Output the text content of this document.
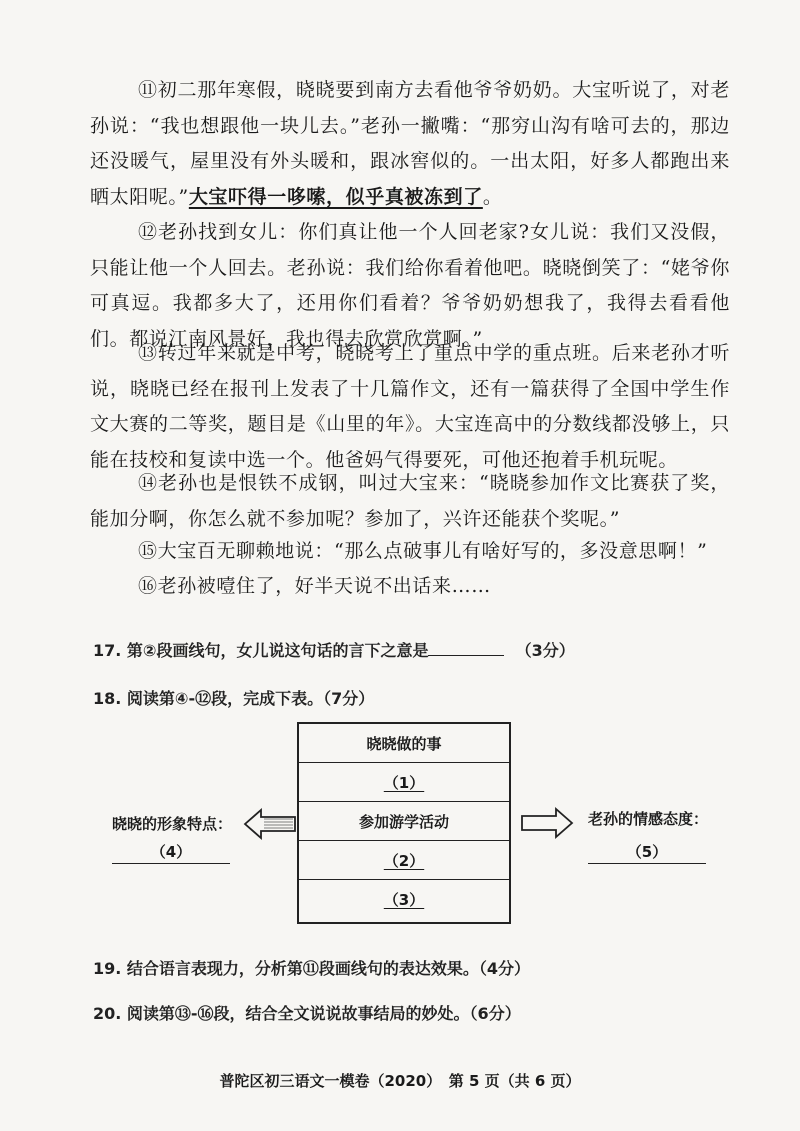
⑪初二那年寒假，晓晓要到南方去看他爷爷奶奶。大宝听说了，对老孙说：“我也想跟他一块儿去。”老孙一撇嘴：“那穷山沟有啥可去的，那边还没暖气，屋里没有外头暖和，跟冰窖似的。一出太阳，好多人都跑出来晒太阳呢。”大宝吓得一哆嗦，似乎真被冻到了。
⑫老孙找到女儿：你们真让他一个人回老家?女儿说：我们又没假，只能让他一个人回去。老孙说：我们给你看着他吧。晓晓倒笑了：“姥爷你可真逗。我都多大了，还用你们看着？爷爷奶奶想我了，我得去看看他们。都说江南风景好，我也得去欣赏欣赏啊。”
⑬转过年来就是中考，晓晓考上了重点中学的重点班。后来老孙才听说，晓晓已经在报刊上发表了十几篇作文，还有一篇获得了全国中学生作文大赛的二等奖，题目是《山里的年》。大宝连高中的分数线都没够上，只能在技校和复读中选一个。他爸妈气得要死，可他还抱着手机玩呢。
⑭老孙也是恨铁不成钢，叫过大宝来：“晓晓参加作文比赛获了奖，能加分啊，你怎么就不参加呢？参加了，兴许还能获个奖呢。”
⑮大宝百无聊赖地说：“那么点破事儿有啥好写的，多没意思啊！”
⑯老孙被噎住了，好半天说不出话来……
17. 第②段画线句，女儿说这句话的言下之意是	（3分）
18. 阅读第④-⑫段，完成下表。（7分）
晓晓做的事
（1）
参加游学活动
（2）
（3）
晓晓的形象特点：
（4）
老孙的情感态度：
（5）
19. 结合语言表现力，分析第⑪段画线句的表达效果。（4分）
20. 阅读第⑬-⑯段，结合全文说说故事结局的妙处。（6分）
普陀区初三语文一模卷（2020）　第 5 页（共 6 页）
